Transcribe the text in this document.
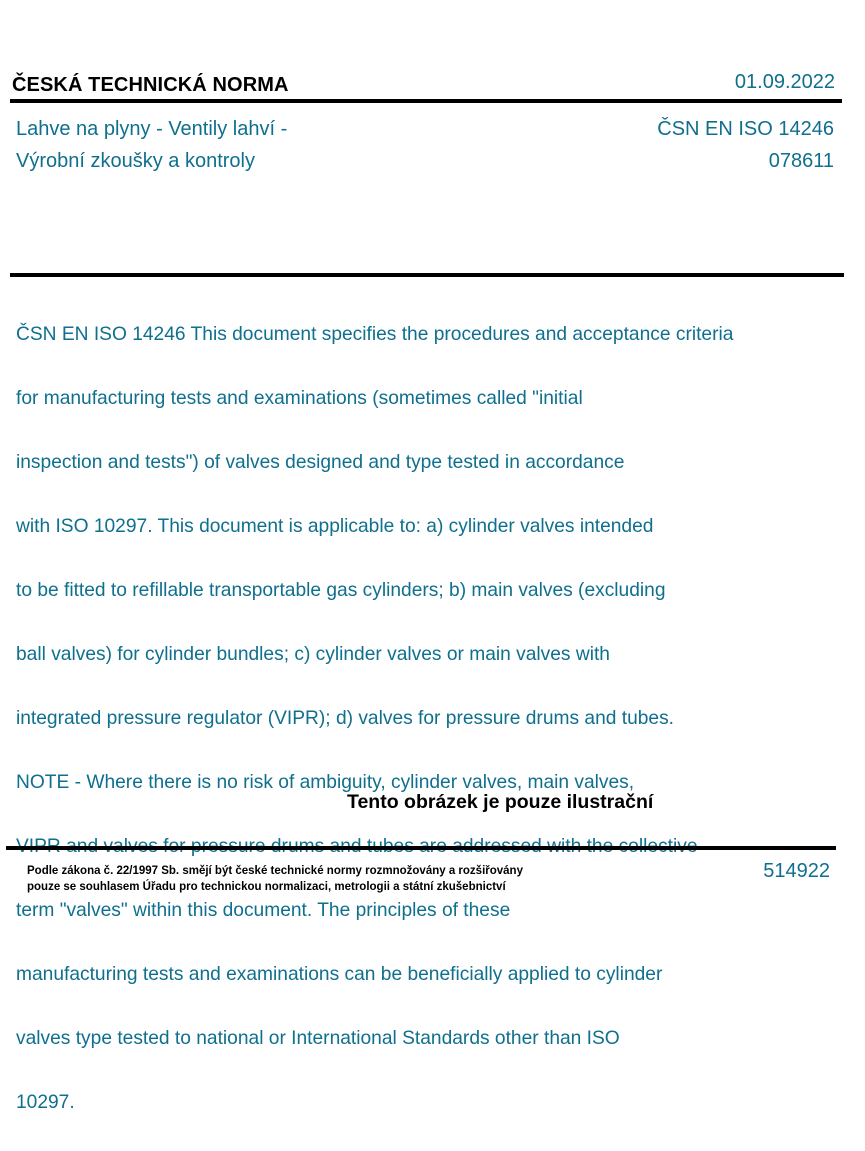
ČESKÁ TECHNICKÁ NORMA	01.09.2022
Lahve na plyny - Ventily lahví -
Výrobní zkoušky a kontroly
ČSN EN ISO 14246
078611

ČSN EN ISO 14246 This document specifies the procedures and acceptance criteria

for manufacturing tests and examinations (sometimes called "initial

inspection and tests") of valves designed and type tested in accordance

with ISO 10297. This document is applicable to: a) cylinder valves intended

to be fitted to refillable transportable gas cylinders; b) main valves (excluding

ball valves) for cylinder bundles; c) cylinder valves or main valves with

integrated pressure regulator (VIPR); d) valves for pressure drums and tubes.

NOTE - Where there is no risk of ambiguity, cylinder valves, main valves,

term "valves" within this document. The principles of these

manufacturing tests and examinations can be beneficially applied to cylinder

valves type tested to national or International Standards other than ISO

10297.

Tento obrázek je pouze ilustrační
Podle zákona č. 22/1997 Sb. smějí být české technické normy rozmnožovány a rozšiřovány
pouze se souhlasem Úřadu pro technickou normalizaci, metrologii a státní zkušebnictví
514922
